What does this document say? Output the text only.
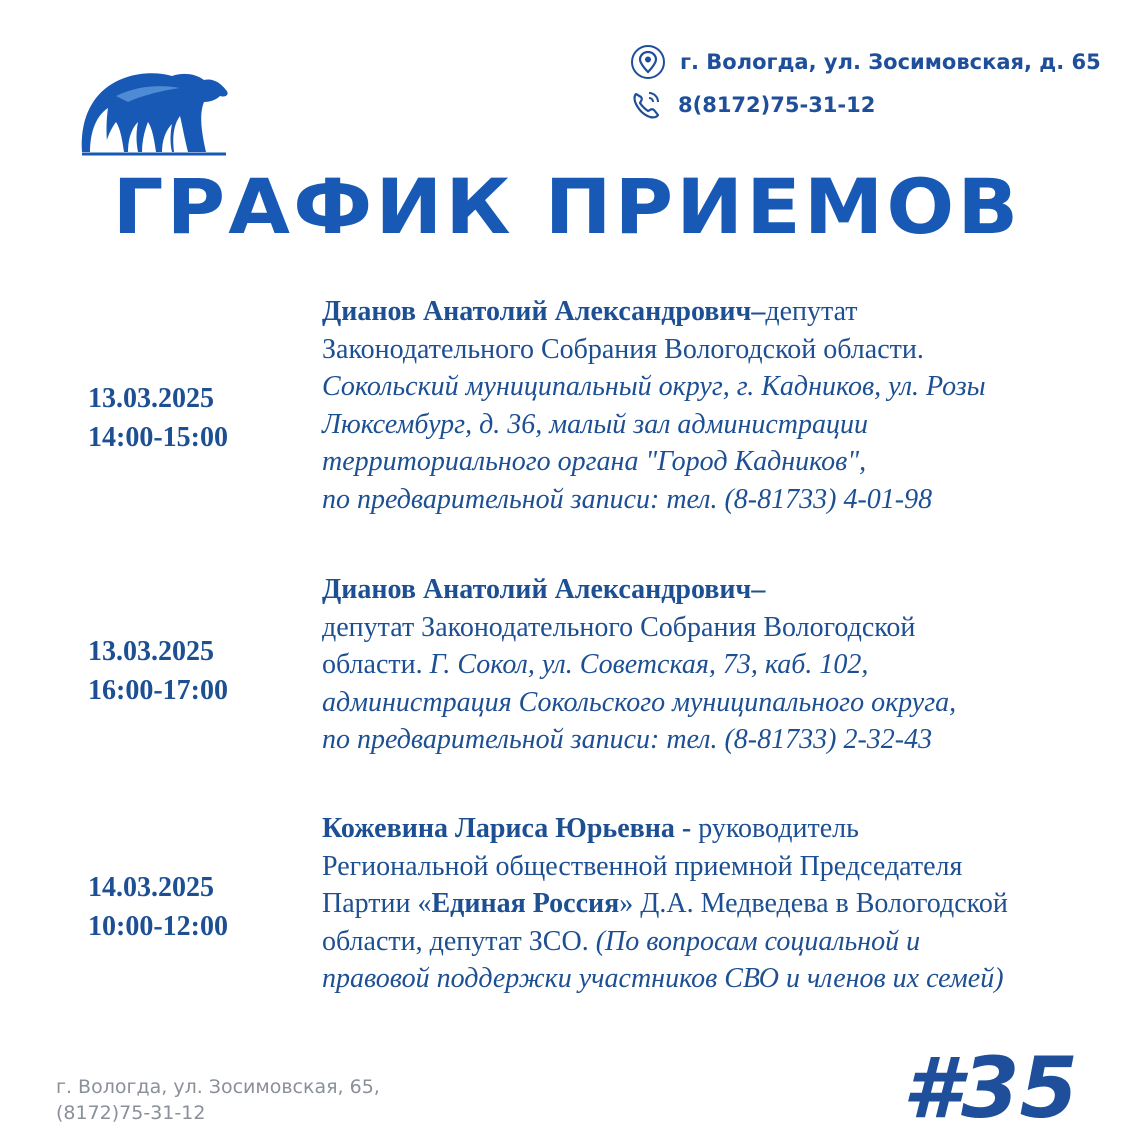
г. Вологда, ул. Зосимовская, д. 65
8(8172)75-31-12
ГРАФИК ПРИЕМОВ
13.03.2025
14:00-15:00
Дианов Анатолий Александрович–депутат
Законодательного Собрания Вологодской области.
Сокольский муниципальный округ, г. Кадников, ул. Розы
Люксембург, д. 36, малый зал администрации
территориального органа "Город Кадников",
по предварительной записи: тел. (8-81733) 4-01-98
13.03.2025
16:00-17:00
Дианов Анатолий Александрович–
депутат Законодательного Собрания Вологодской
области. Г. Сокол, ул. Советская, 73, каб. 102,
администрация Сокольского муниципального округа,
по предварительной записи: тел. (8-81733) 2-32-43
14.03.2025
10:00-12:00
Кожевина Лариса Юрьевна - руководитель
Региональной общественной приемной Председателя
Партии «Единая Россия» Д.А. Медведева в Вологодской
области, депутат ЗСО. (По вопросам социальной и
правовой поддержки участников СВО и членов их семей)
г. Вологда, ул. Зосимовская, 65,
(8172)75-31-12	#35
